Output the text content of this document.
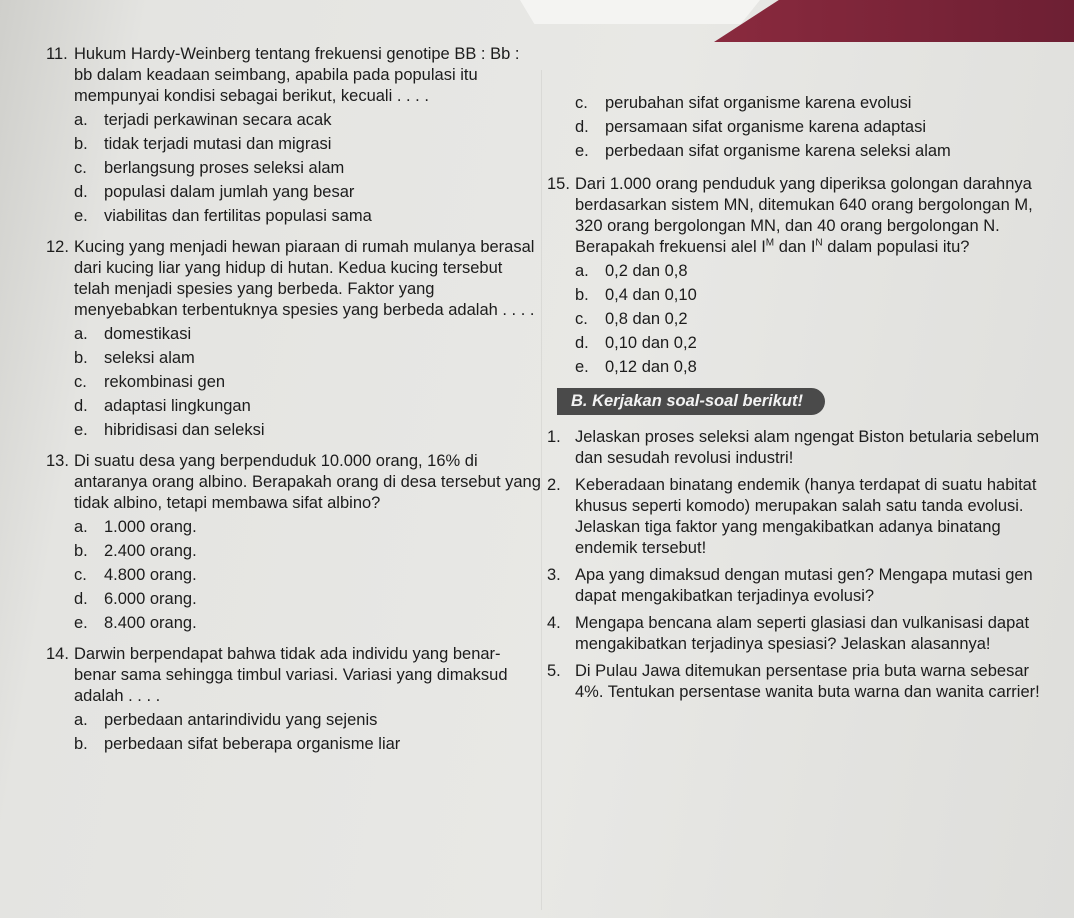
11. Hukum Hardy-Weinberg tentang frekuensi genotipe BB : Bb : bb dalam keadaan seimbang, apabila pada populasi itu mempunyai kondisi sebagai berikut, kecuali . . . .

a. terjadi perkawinan secara acak
b. tidak terjadi mutasi dan migrasi
c.	berlangsung proses seleksi alam
d. populasi dalam jumlah yang besar
e. viabilitas dan fertilitas populasi sama
12. Kucing yang menjadi hewan piaraan di rumah mulanya berasal dari kucing liar yang hidup di hutan. Kedua kucing tersebut telah menjadi spesies yang berbeda. Faktor yang menyebabkan terbentuknya spesies yang berbeda adalah . . . .

a. domestikasi
b. seleksi alam
c.	rekombinasi gen
d. adaptasi lingkungan
e. hibridisasi dan seleksi
13. Di suatu desa yang berpenduduk 10.000 orang, 16% di antaranya orang albino. Berapakah orang di desa tersebut yang tidak albino, tetapi membawa sifat albino?

a. 1.000 orang.
b. 2.400 orang.
c.	4.800 orang.
d. 6.000 orang.
e. 8.400 orang.
14. Darwin berpendapat bahwa tidak ada individu yang benar-benar sama sehingga timbul variasi. Variasi yang dimaksud adalah . . . .

a. perbedaan antarindividu yang sejenis
b. perbedaan sifat beberapa organisme liar
c.	perubahan sifat organisme karena evolusi
d. persamaan sifat organisme karena adaptasi
e. perbedaan sifat organisme karena seleksi alam
15. Dari 1.000 orang penduduk yang diperiksa golongan darahnya berdasarkan sistem MN, ditemukan 640 orang bergolongan M, 320 orang bergolongan MN, dan 40 orang bergolongan N. Berapakah frekuensi alel $I^M$ dan $I^N$ dalam populasi itu?

a. 0,2 dan 0,8
b. 0,4 dan 0,10
c.	0,8 dan 0,2
d. 0,10 dan 0,2
e. 0,12 dan 0,8
B. Kerjakan soal-soal berikut!
1. Jelaskan proses seleksi alam ngengat Biston betularia sebelum dan sesudah revolusi industri!
2. Keberadaan binatang endemik (hanya terdapat di suatu habitat khusus seperti komodo) merupakan salah satu tanda evolusi. Jelaskan tiga faktor yang mengakibatkan adanya binatang endemik tersebut!
3. Apa yang dimaksud dengan mutasi gen? Mengapa mutasi gen dapat mengakibatkan terjadinya evolusi?
4. Mengapa bencana alam seperti glasiasi dan vulkanisasi dapat mengakibatkan terjadinya spesiasi? Jelaskan alasannya!
5. Di Pulau Jawa ditemukan persentase pria buta warna sebesar 4%. Tentukan persentase wanita buta warna dan wanita carrier!
